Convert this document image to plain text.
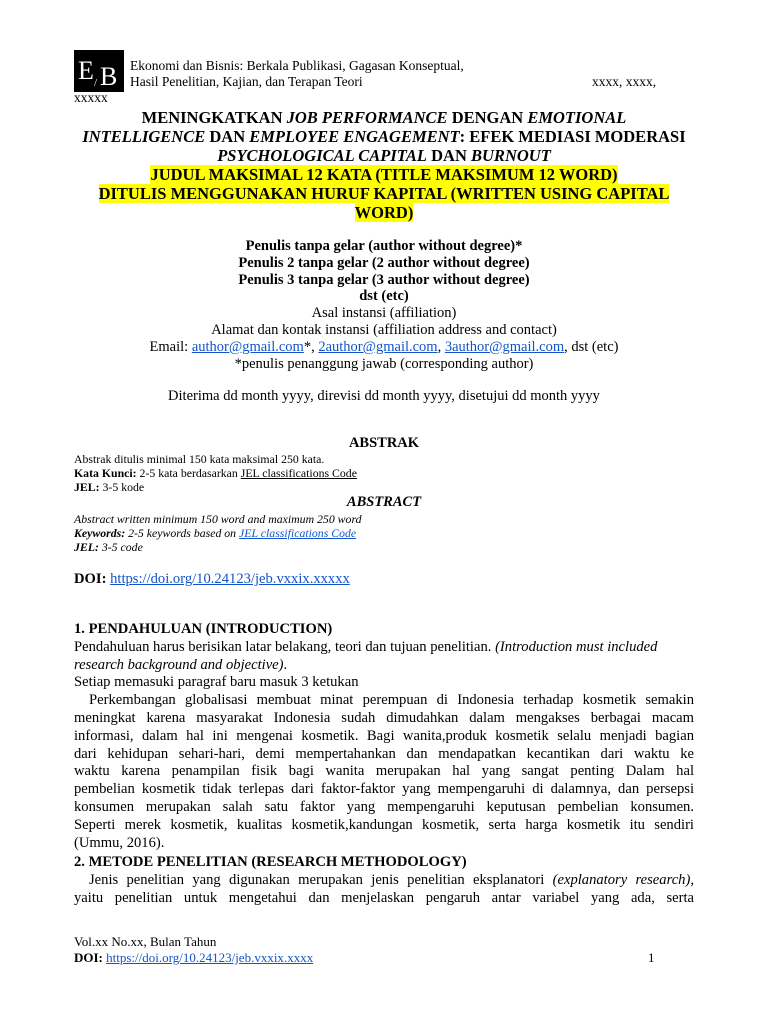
E / B Ekonomi dan Bisnis: Berkala Publikasi, Gagasan Konseptual,
Hasil Penelitian, Kajian, dan Terapan Teori	xxxx, xxxx,
xxxxx
MENINGKATKAN JOB PERFORMANCE DENGAN EMOTIONAL
INTELLIGENCE DAN EMPLOYEE ENGAGEMENT: EFEK MEDIASI MODERASI
PSYCHOLOGICAL CAPITAL DAN BURNOUT
JUDUL MAKSIMAL 12 KATA (TITLE MAKSIMUM 12 WORD)
DITULIS MENGGUNAKAN HURUF KAPITAL (WRITTEN USING CAPITAL
WORD)
Penulis tanpa gelar (author without degree)*
Penulis 2 tanpa gelar (2 author without degree)
Penulis 3 tanpa gelar (3 author without degree)
dst (etc)
Asal instansi (affiliation)
Alamat dan kontak instansi (affiliation address and contact)
Email: author@gmail.com*, 2author@gmail.com, 3author@gmail.com, dst (etc)
*penulis penanggung jawab (corresponding author)
Diterima dd month yyyy, direvisi dd month yyyy, disetujui dd month yyyy
ABSTRAK
Abstrak ditulis minimal 150 kata maksimal 250 kata.
Kata Kunci: 2-5 kata berdasarkan JEL classifications Code
JEL: 3-5 kode
ABSTRACT
Abstract written minimum 150 word and maximum 250 word
Keywords: 2-5 keywords based on JEL classifications Code
JEL: 3-5 code
DOI: https://doi.org/10.24123/jeb.vxxix.xxxxx
1. PENDAHULUAN (INTRODUCTION)
Pendahuluan harus berisikan latar belakang, teori dan tujuan penelitian. (Introduction must included
research background and objective).
Setiap memasuki paragraf baru masuk 3 ketukan
Perkembangan globalisasi membuat minat perempuan di Indonesia terhadap kosmetik semakin
meningkat karena masyarakat Indonesia sudah dimudahkan dalam mengakses berbagai macam
informasi, dalam hal ini mengenai kosmetik. Bagi wanita,produk kosmetik selalu menjadi bagian
dari kehidupan sehari-hari, demi mempertahankan dan mendapatkan kecantikan dari waktu ke
waktu karena penampilan fisik bagi wanita merupakan hal yang sangat penting Dalam hal
pembelian kosmetik tidak terlepas dari faktor-faktor yang mempengaruhi di dalamnya, dan persepsi
konsumen merupakan salah satu faktor yang mempengaruhi keputusan pembelian konsumen.
Seperti merek kosmetik, kualitas kosmetik,kandungan kosmetik, serta harga kosmetik itu sendiri
(Ummu, 2016).
2. METODE PENELITIAN (RESEARCH METHODOLOGY)
Jenis penelitian yang digunakan merupakan jenis penelitian eksplanatori (explanatory research),
yaitu penelitian untuk mengetahui dan menjelaskan pengaruh antar variabel yang ada, serta
Vol.xx No.xx, Bulan Tahun
DOI: https://doi.org/10.24123/jeb.vxxix.xxxx	1
